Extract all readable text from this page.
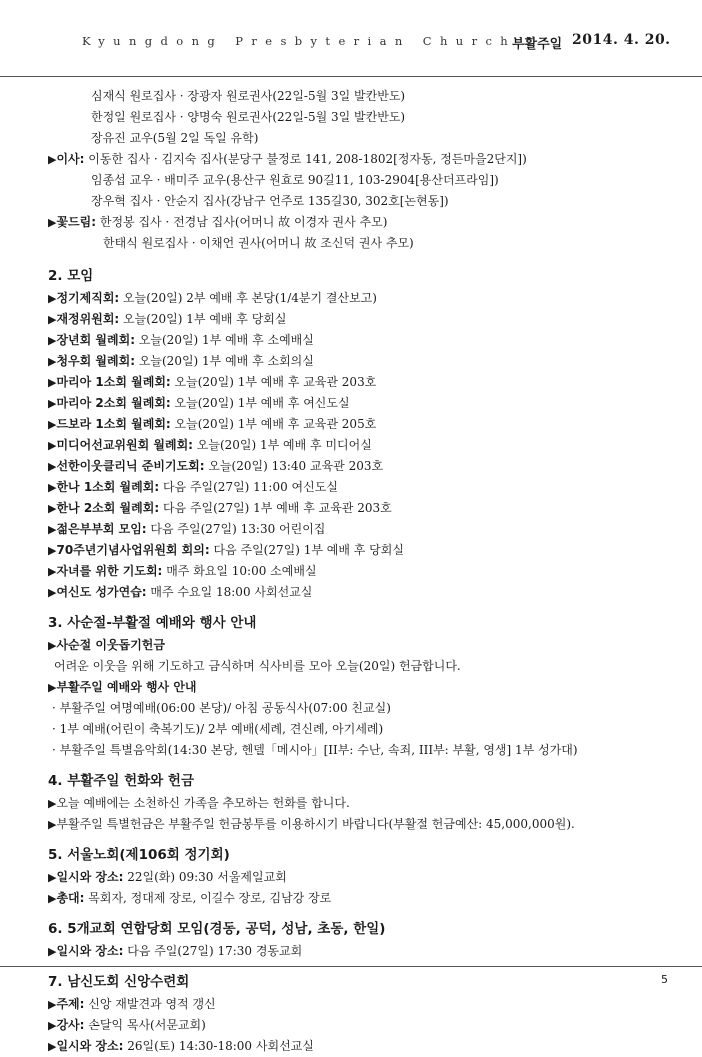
Kyungdong Presbyterian Church
부활주일 2014. 4. 20.
심재식 원로집사 · 장광자 원로권사(22일-5월 3일 발칸반도)
한정일 원로집사 · 양명숙 원로권사(22일-5월 3일 발칸반도)
장유진 교우(5월 2일 독일 유학)
▶이사: 이동한 집사 · 김지숙 집사(분당구 불정로 141, 208-1802[정자동, 정든마을2단지])
임종섭 교우 · 배미주 교우(용산구 원효로 90길11, 103-2904[용산더프라임])
장우혁 집사 · 안순지 집사(강남구 언주로 135길30, 302호[논현동])
▶꽃드림: 한정봉 집사 · 전경남 집사(어머니 故 이경자 권사 추모)
한태식 원로집사 · 이채언 권사(어머니 故 조신덕 권사 추모)
2. 모임
▶정기제직회: 오늘(20일) 2부 예배 후 본당(1/4분기 결산보고)
▶재정위원회: 오늘(20일) 1부 예배 후 당회실
▶장년회 월례회: 오늘(20일) 1부 예배 후 소예배실
▶청우회 월례회: 오늘(20일) 1부 예배 후 소회의실
▶마리아 1소회 월례회: 오늘(20일) 1부 예배 후 교육관 203호
▶마리아 2소회 월례회: 오늘(20일) 1부 예배 후 여신도실
▶드보라 1소회 월례회: 오늘(20일) 1부 예배 후 교육관 205호
▶미디어선교위원회 월례회: 오늘(20일) 1부 예배 후 미디어실
▶선한이웃클리닉 준비기도회: 오늘(20일) 13:40 교육관 203호
▶한나 1소회 월례회: 다음 주일(27일) 11:00 여신도실
▶한나 2소회 월례회: 다음 주일(27일) 1부 예배 후 교육관 203호
▶젊은부부회 모임: 다음 주일(27일) 13:30 어린이집
▶70주년기념사업위원회 회의: 다음 주일(27일) 1부 예배 후 당회실
▶자녀를 위한 기도회: 매주 화요일 10:00 소예배실
▶여신도 성가연습: 매주 수요일 18:00 사회선교실
3. 사순절-부활절 예배와 행사 안내
▶사순절 이웃돕기헌금
어려운 이웃을 위해 기도하고 금식하며 식사비를 모아 오늘(20일) 헌금합니다.
▶부활주일 예배와 행사 안내
· 부활주일 여명예배(06:00 본당)/ 아침 공동식사(07:00 친교실)
· 1부 예배(어린이 축복기도)/ 2부 예배(세례, 견신례, 아기세례)
· 부활주일 특별음악회(14:30 본당, 헨델「메시아」[II부: 수난, 속죄, III부: 부활, 영생] 1부 성가대)
4. 부활주일 헌화와 헌금
▶오늘 예배에는 소천하신 가족을 추모하는 헌화를 합니다.
▶부활주일 특별헌금은 부활주일 헌금봉투를 이용하시기 바랍니다(부활절 헌금예산: 45,000,000원).
5. 서울노회(제106회 정기회)
▶일시와 장소: 22일(화) 09:30 서울제일교회
▶총대: 목회자, 정대제 장로, 이길수 장로, 김남강 장로
6. 5개교회 연합당회 모임(경동, 공덕, 성남, 초동, 한일)
▶일시와 장소: 다음 주일(27일) 17:30 경동교회
7. 남신도회 신앙수련회
▶주제: 신앙 재발견과 영적 갱신
▶강사: 손달익 목사(서문교회)
▶일시와 장소: 26일(토) 14:30-18:00 사회선교실
5
